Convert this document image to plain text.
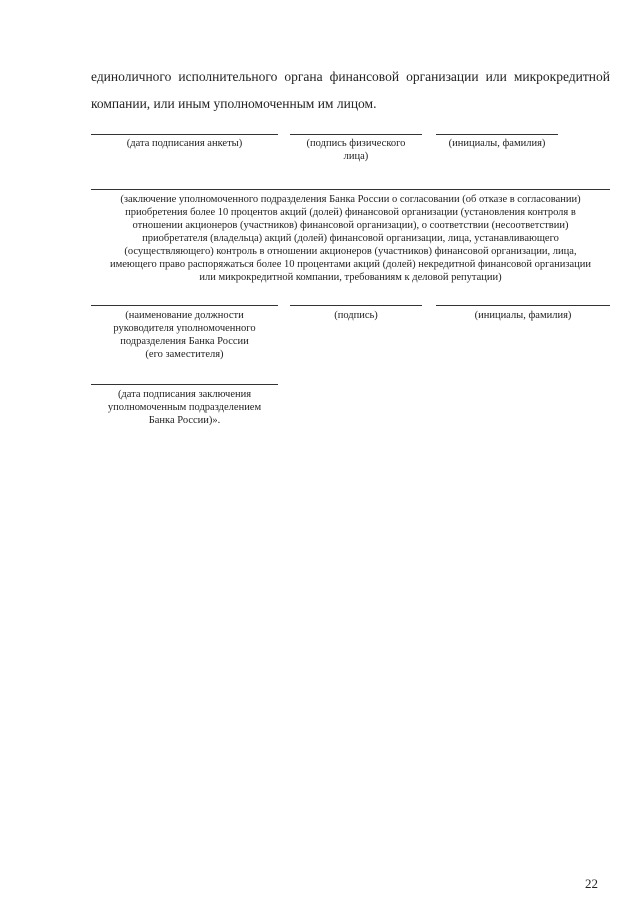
единоличного исполнительного органа финансовой организации или микрокредитной
компании, или иным уполномоченным им лицом.
(дата подписания анкеты)	(подпись физического
лица)
(инициалы, фамилия)
(заключение уполномоченного подразделения Банка России о согласовании (об отказе в согласовании)
приобретения более 10 процентов акций (долей) финансовой организации (установления контроля в
отношении акционеров (участников) финансовой организации), о соответствии (несоответствии)
приобретателя (владельца) акций (долей) финансовой организации, лица, устанавливающего
(осуществляющего) контроль в отношении акционеров (участников) финансовой организации, лица,
имеющего право распоряжаться более 10 процентами акций (долей) некредитной финансовой организации
или микрокредитной компании, требованиям к деловой репутации)
(наименование должности
руководителя уполномоченного
подразделения Банка России
(его заместителя)
(подпись)	(инициалы, фамилия)
(дата подписания заключения
уполномоченным подразделением
Банка России)».
22
